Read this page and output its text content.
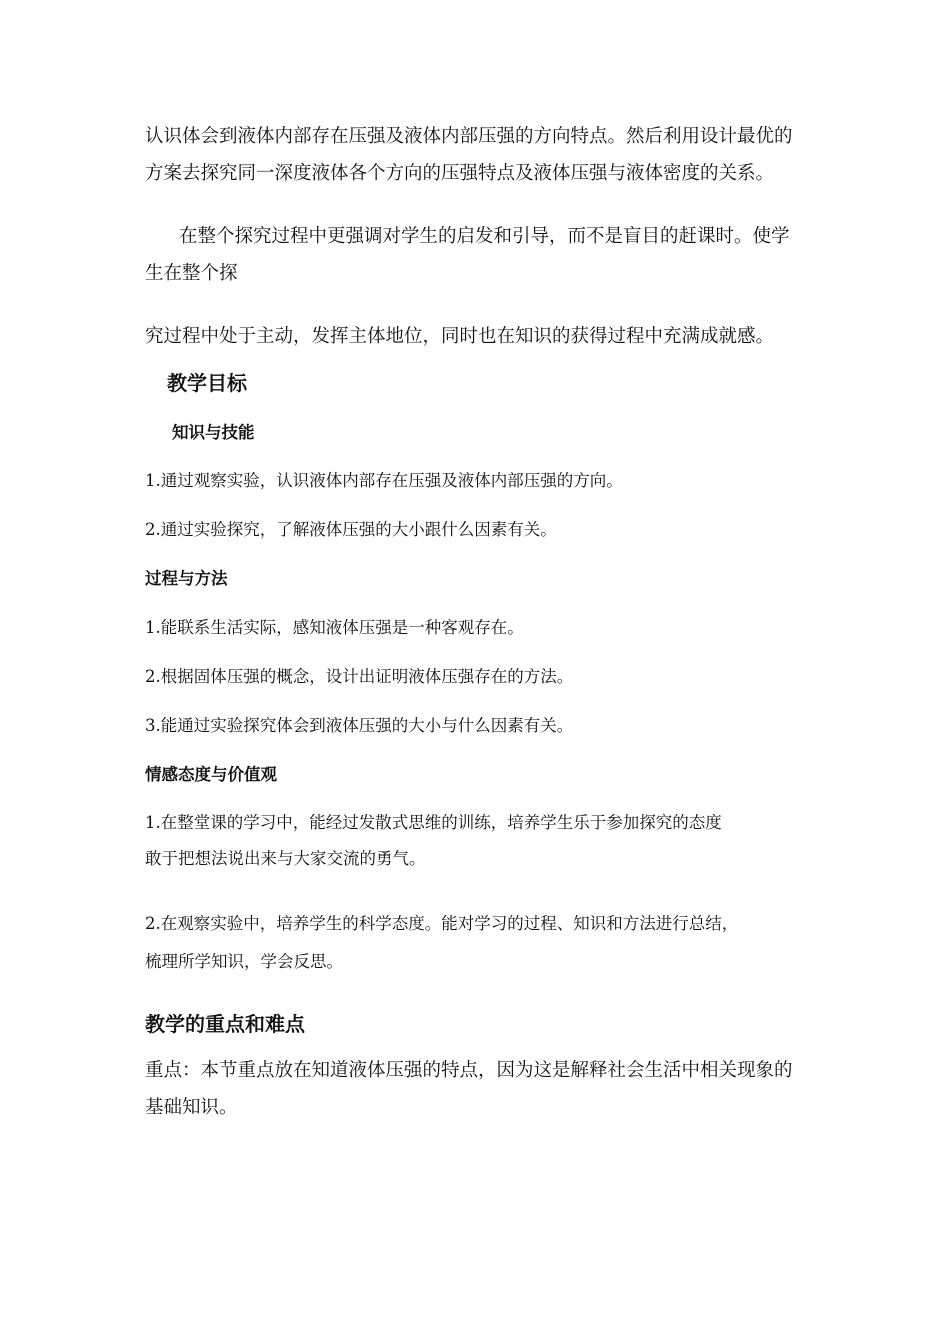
认识体会到液体内部存在压强及液体内部压强的方向特点。然后利用设计最优的
方案去探究同一深度液体各个方向的压强特点及液体压强与液体密度的关系。

在整个探究过程中更强调对学生的启发和引导，而不是盲目的赶课时。使学
生在整个探

究过程中处于主动，发挥主体地位，同时也在知识的获得过程中充满成就感。

教学目标
知识与技能
1.通过观察实验，认识液体内部存在压强及液体内部压强的方向。
2.通过实验探究，了解液体压强的大小跟什么因素有关。
过程与方法
1.能联系生活实际，感知液体压强是一种客观存在。
2.根据固体压强的概念，设计出证明液体压强存在的方法。
3.能通过实验探究体会到液体压强的大小与什么因素有关。
情感态度与价值观

1.在整堂课的学习中，能经过发散式思维的训练，培养学生乐于参加探究的态度
敢于把想法说出来与大家交流的勇气。

2.在观察实验中，培养学生的科学态度。能对学习的过程、知识和方法进行总结，
梳理所学知识，学会反思。

教学的重点和难点

重点：本节重点放在知道液体压强的特点，因为这是解释社会生活中相关现象的
基础知识。
